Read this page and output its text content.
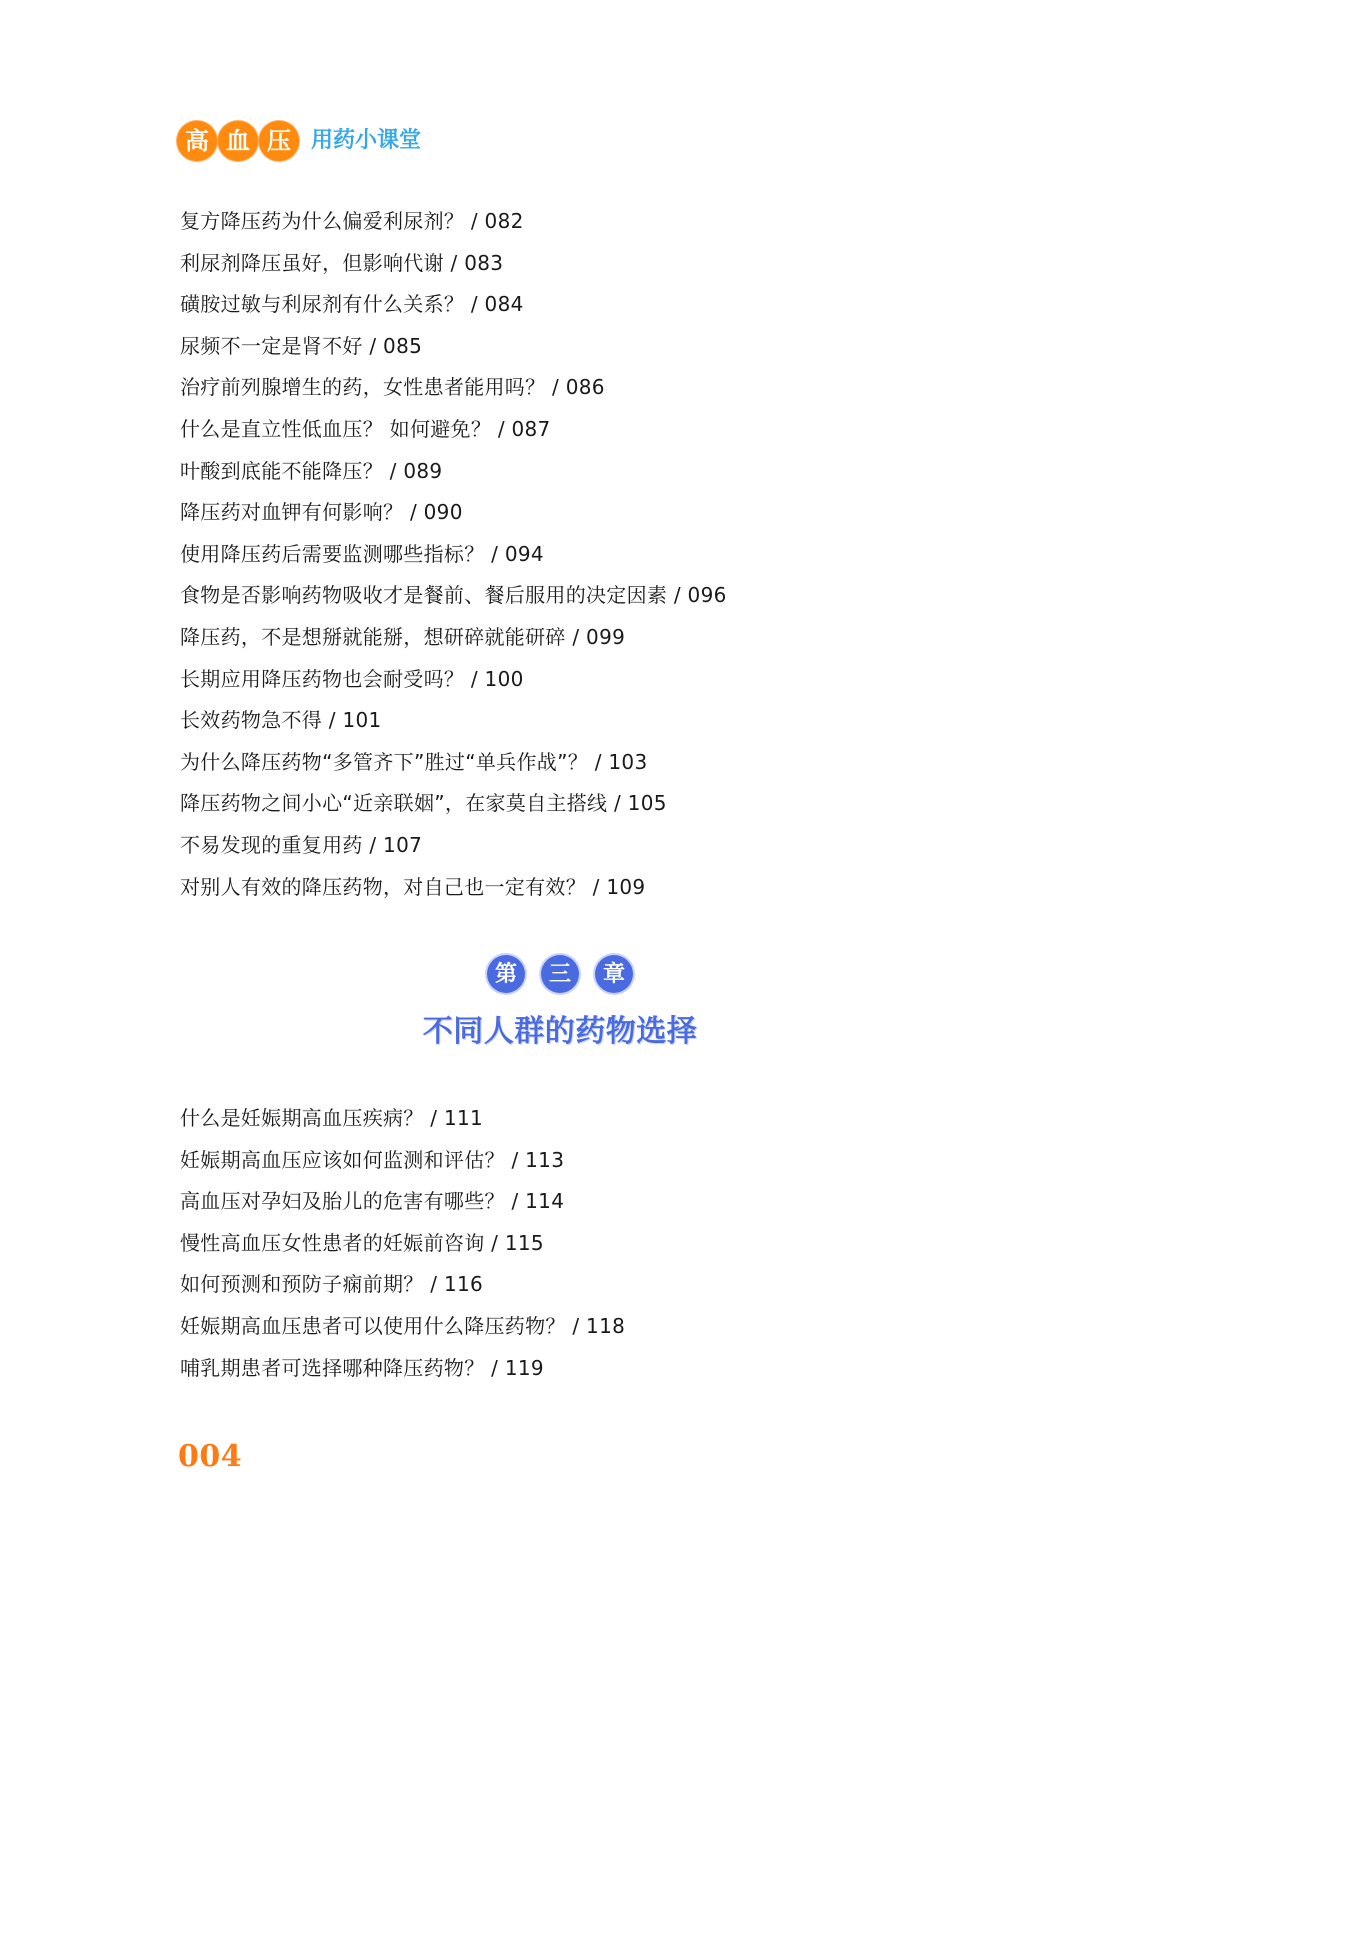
高 血 压 用药小课堂
复方降压药为什么偏爱利尿剂？ / 082
利尿剂降压虽好，但影响代谢 / 083
磺胺过敏与利尿剂有什么关系？ / 084
尿频不一定是肾不好 / 085
治疗前列腺增生的药，女性患者能用吗？ / 086
什么是直立性低血压？ 如何避免？ / 087
叶酸到底能不能降压？ / 089
降压药对血钾有何影响？ / 090
使用降压药后需要监测哪些指标？ / 094
食物是否影响药物吸收才是餐前、餐后服用的决定因素 / 096
降压药，不是想掰就能掰，想研碎就能研碎 / 099
长期应用降压药物也会耐受吗？ / 100
长效药物急不得 / 101
为什么降压药物“多管齐下”胜过“单兵作战”？ / 103
降压药物之间小心“近亲联姻”，在家莫自主搭线 / 105
不易发现的重复用药 / 107
对别人有效的降压药物，对自己也一定有效？ / 109
第	三	章
不同人群的药物选择
什么是妊娠期高血压疾病？ / 111
妊娠期高血压应该如何监测和评估？ / 113
高血压对孕妇及胎儿的危害有哪些？ / 114
慢性高血压女性患者的妊娠前咨询 / 115
如何预测和预防子痫前期？ / 116
妊娠期高血压患者可以使用什么降压药物？ / 118
哺乳期患者可选择哪种降压药物？ / 119
004
